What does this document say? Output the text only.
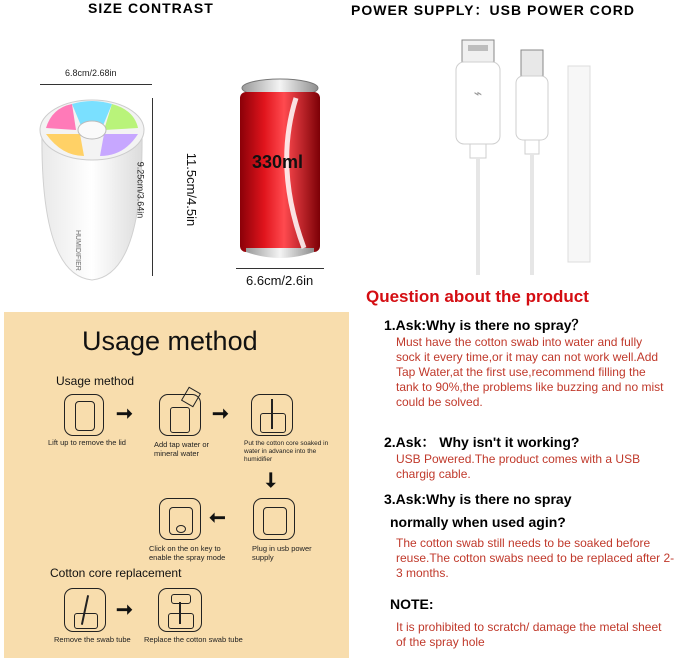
SIZE CONTRAST	POWER SUPPLY：USB POWER CORD
6.8cm/2.68in
HUMIDIFIER
9.25cm/3.64in	11.5cm/4.5in	330ml
6.6cm/2.6in
⌁
Usage method
Usage method
Lift up to remove the lid
➞
Add tap water or mineral water
➞
Put the cotton core soaked in water in advance into the humidifier
➞
Plug in usb power supply
➞
Click on the on key to enable the spray mode
Cotton core replacement
➞
Remove the swab tube	Replace the cotton swab tube
Question about the product
1.Ask:Why is there no spray？
Must have the cotton swab into water and fully sock it every time,or it may can not work well.Add Tap Water,at the first use,recommend filling the tank to 90%,the problems like buzzing and no mist could be solved.
2.Ask： Why isn't it working?
USB Powered.The product comes with a USB chargig cable.
3.Ask:Why is there no spray
normally when used agin?
The cotton swab still needs to be soaked before reuse.The cotton swabs need to be replaced after 2-3 months.
NOTE:
It is prohibited to scratch/ damage the metal sheet of the spray hole
